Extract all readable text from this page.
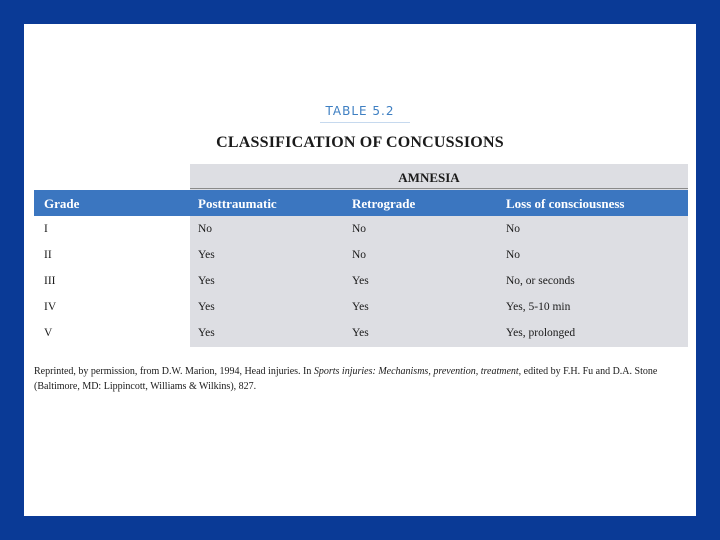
TABLE 5.2
CLASSIFICATION OF CONCUSSIONS
AMNESIA
Grade	Posttraumatic	Retrograde	Loss of consciousness
I	No	No	No
II	Yes	No	No
III	Yes	Yes	No, or seconds
IV	Yes	Yes	Yes, 5-10 min
V	Yes	Yes	Yes, prolonged
Reprinted, by permission, from D.W. Marion, 1994, Head injuries. In Sports injuries: Mechanisms, prevention, treatment, edited by F.H. Fu and D.A. Stone (Baltimore, MD: Lippincott, Williams & Wilkins), 827.
